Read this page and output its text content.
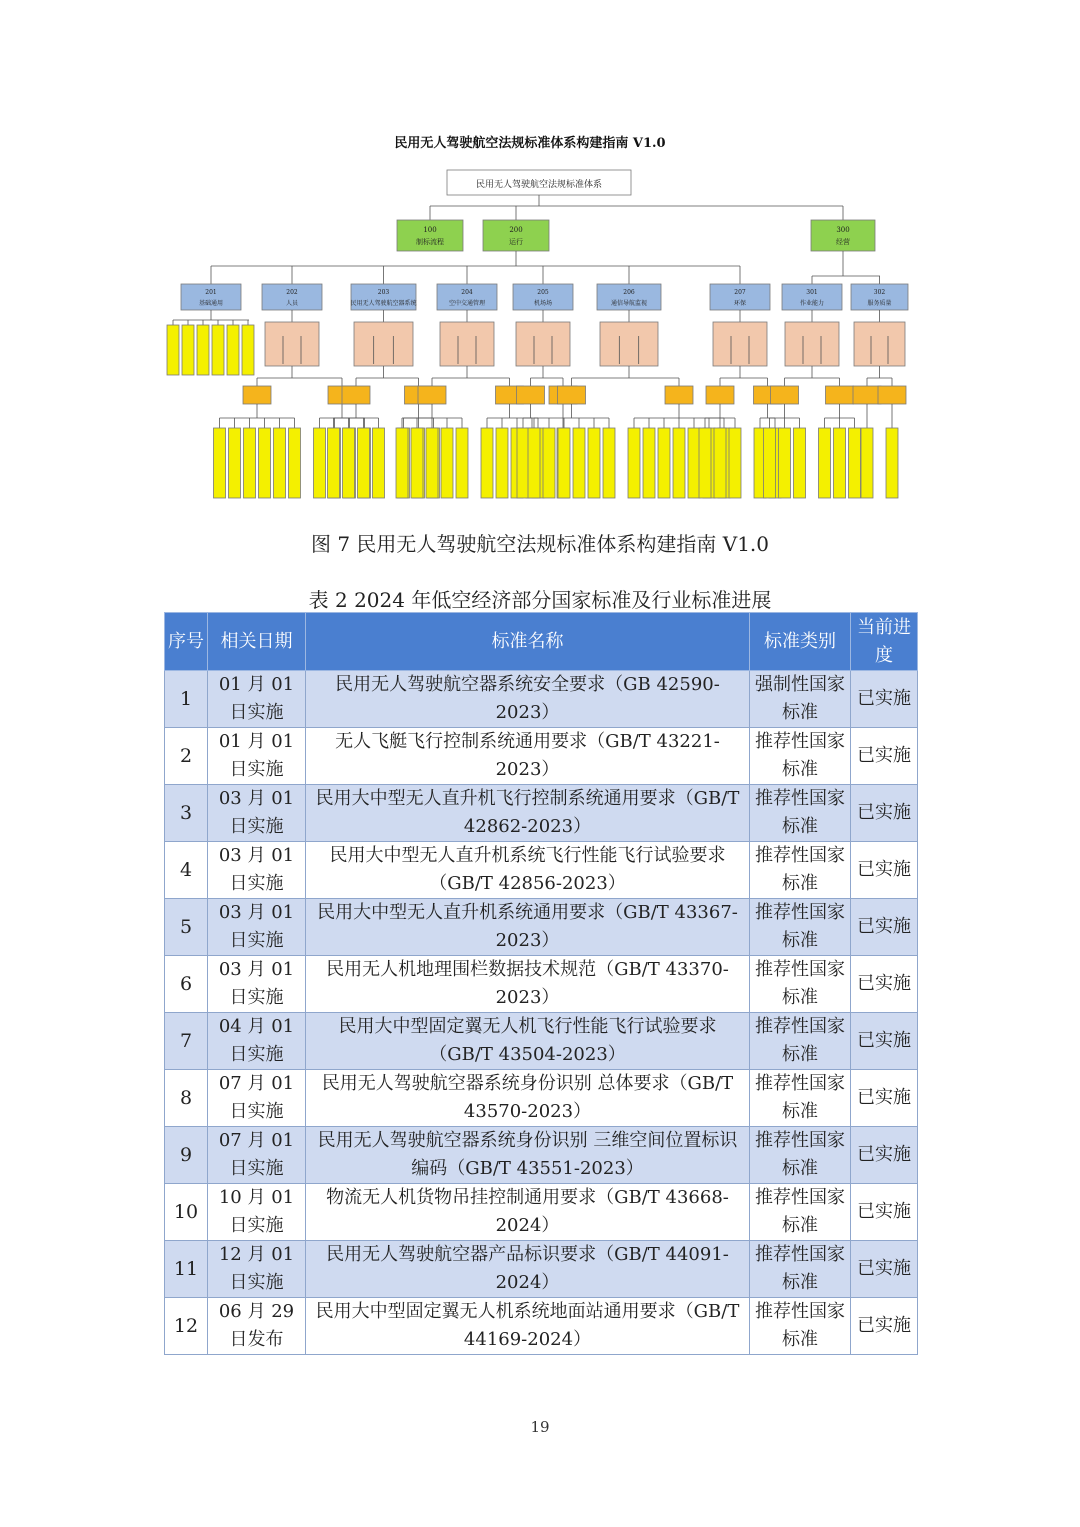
民用无人驾驶航空法规标准体系构建指南 V1.0
民用无人驾驶航空法规标准体系
100
制标流程
200
运行
300
经营
201
基础通用
202
人员
203
民用无人驾驶航空器系统
204
空中交通管理
205
机场场
206
通信导航监视
207
环保
301
作业能力
302
服务质量
图 7 民用无人驾驶航空法规标准体系构建指南 V1.0
表 2 2024 年低空经济部分国家标准及行业标准进展
序号	相关日期	标准名称	标准类别	当前进度
1	01 月 01 日实施	民用无人驾驶航空器系统安全要求（GB 42590-2023）	强制性国家标准	已实施
2	01 月 01 日实施	无人飞艇飞行控制系统通用要求（GB/T 43221-2023）	推荐性国家标准	已实施
3	03 月 01 日实施	民用大中型无人直升机飞行控制系统通用要求（GB/T 42862-2023）	推荐性国家标准	已实施
4	03 月 01 日实施	民用大中型无人直升机系统飞行性能飞行试验要求（GB/T 42856-2023）	推荐性国家标准	已实施
5	03 月 01 日实施	民用大中型无人直升机系统通用要求（GB/T 43367-2023）	推荐性国家标准	已实施
6	03 月 01 日实施	民用无人机地理围栏数据技术规范（GB/T 43370-2023）	推荐性国家标准	已实施
7	04 月 01 日实施	民用大中型固定翼无人机飞行性能飞行试验要求（GB/T 43504-2023）	推荐性国家标准	已实施
8	07 月 01 日实施	民用无人驾驶航空器系统身份识别 总体要求（GB/T 43570-2023）	推荐性国家标准	已实施
9	07 月 01 日实施	民用无人驾驶航空器系统身份识别 三维空间位置标识编码（GB/T 43551-2023）	推荐性国家标准	已实施
10	10 月 01 日实施	物流无人机货物吊挂控制通用要求（GB/T 43668-2024）	推荐性国家标准	已实施
11	12 月 01 日实施	民用无人驾驶航空器产品标识要求（GB/T 44091-2024）	推荐性国家标准	已实施
12	06 月 29 日发布	民用大中型固定翼无人机系统地面站通用要求（GB/T 44169-2024）	推荐性国家标准	已实施
19
